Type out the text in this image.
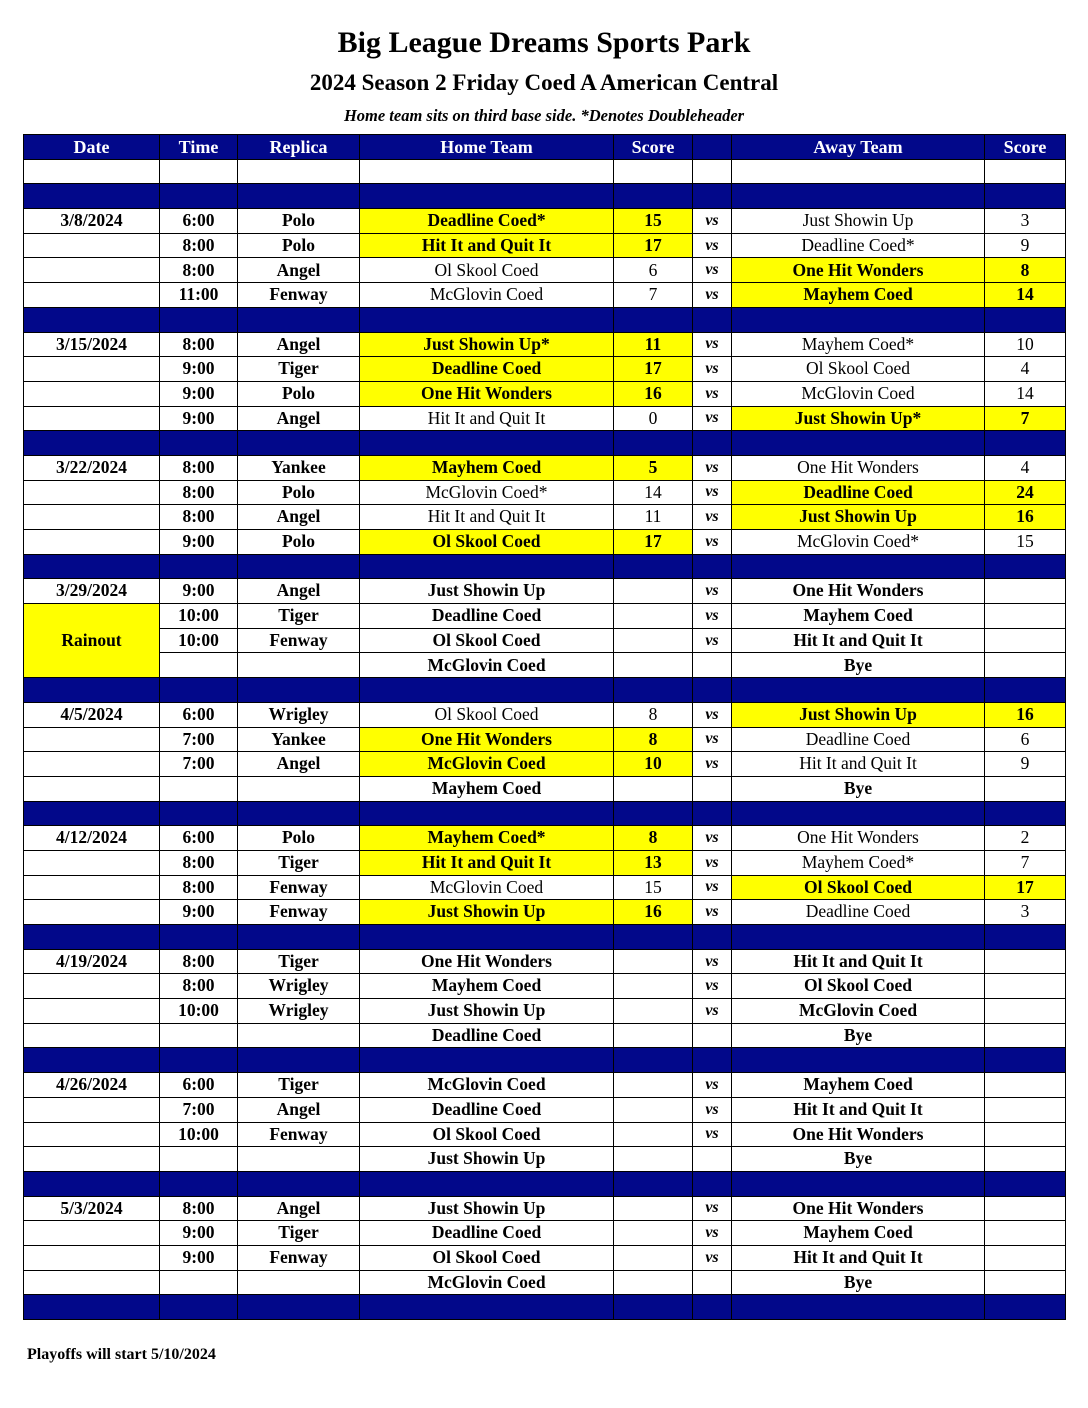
Big League Dreams Sports Park
2024 Season 2 Friday Coed A American Central
Home team sits on third base side. *Denotes Doubleheader
Date	Time	Replica	Home Team	Score		Away Team	Score

3/8/2024	6:00	Polo	Deadline Coed*	15	vs	Just Showin Up	3
	8:00	Polo	Hit It and Quit It	17	vs	Deadline Coed*	9
	8:00	Angel	Ol Skool Coed	6	vs	One Hit Wonders	8
	11:00	Fenway	McGlovin Coed	7	vs	Mayhem Coed	14

3/15/2024	8:00	Angel	Just Showin Up*	11	vs	Mayhem Coed*	10
	9:00	Tiger	Deadline Coed	17	vs	Ol Skool Coed	4
	9:00	Polo	One Hit Wonders	16	vs	McGlovin Coed	14
	9:00	Angel	Hit It and Quit It	0	vs	Just Showin Up*	7

3/22/2024	8:00	Yankee	Mayhem Coed	5	vs	One Hit Wonders	4
	8:00	Polo	McGlovin Coed*	14	vs	Deadline Coed	24
	8:00	Angel	Hit It and Quit It	11	vs	Just Showin Up	16
	9:00	Polo	Ol Skool Coed	17	vs	McGlovin Coed*	15

3/29/2024	9:00	Angel	Just Showin Up		vs	One Hit Wonders	
Rainout	10:00	Tiger	Deadline Coed		vs	Mayhem Coed	
	10:00	Fenway	Ol Skool Coed		vs	Hit It and Quit It	
			McGlovin Coed			Bye	

4/5/2024	6:00	Wrigley	Ol Skool Coed	8	vs	Just Showin Up	16
	7:00	Yankee	One Hit Wonders	8	vs	Deadline Coed	6
	7:00	Angel	McGlovin Coed	10	vs	Hit It and Quit It	9
			Mayhem Coed			Bye	

4/12/2024	6:00	Polo	Mayhem Coed*	8	vs	One Hit Wonders	2
	8:00	Tiger	Hit It and Quit It	13	vs	Mayhem Coed*	7
	8:00	Fenway	McGlovin Coed	15	vs	Ol Skool Coed	17
	9:00	Fenway	Just Showin Up	16	vs	Deadline Coed	3

4/19/2024	8:00	Tiger	One Hit Wonders		vs	Hit It and Quit It	
	8:00	Wrigley	Mayhem Coed		vs	Ol Skool Coed	
	10:00	Wrigley	Just Showin Up		vs	McGlovin Coed	
			Deadline Coed			Bye	

4/26/2024	6:00	Tiger	McGlovin Coed		vs	Mayhem Coed	
	7:00	Angel	Deadline Coed		vs	Hit It and Quit It	
	10:00	Fenway	Ol Skool Coed		vs	One Hit Wonders	
			Just Showin Up			Bye	

5/3/2024	8:00	Angel	Just Showin Up		vs	One Hit Wonders	
	9:00	Tiger	Deadline Coed		vs	Mayhem Coed	
	9:00	Fenway	Ol Skool Coed		vs	Hit It and Quit It	
			McGlovin Coed			Bye	

Playoffs will start 5/10/2024
